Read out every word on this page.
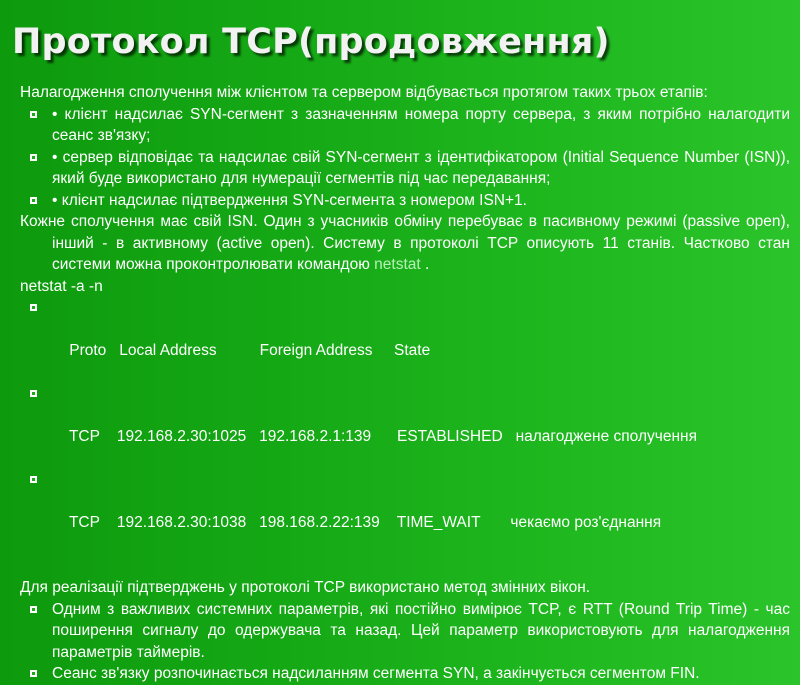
Протокол TCP(продовження)
Налагодження сполучення між клієнтом та сервером відбувається протягом таких трьох етапів:
• клієнт надсилає SYN-сегмент з зазначенням номера порту сервера, з яким потрібно налагодити сеанс зв'язку;
• сервер відповідає та надсилає свій SYN-сегмент з ідентифікатором (Initial Sequence Number (ISN)), який буде використано для нумерації сегментів під час передавання;
• клієнт надсилає підтвердження SYN-сегмента з номером ISN+1.
Кожне сполучення має свій ISN. Один з учасників обміну перебуває в пасивному режимі (passive open), інший - в активному (active open). Систему в протоколі TCP описують 11 станів. Частково стан системи можна проконтролювати командою netstat .
netstat -a -n

Proto   Local Address          Foreign Address     State

TCP    192.168.2.30:1025   192.168.2.1:139      ESTABLISHED   налагоджене сполучення

TCP    192.168.2.30:1038   198.168.2.22:139    TIME_WAIT       чекаємо роз'єднання

Для реалізації підтверджень у протоколі TCP використано метод змінних вікон.
Одним з важливих системних параметрів, які постійно вимірює TCP, є RTT (Round Trip Time) - час поширення сигналу до одержувача та назад. Цей параметр використовують для налагодження параметрів таймерів.
Сеанс зв'язку розпочинається надсиланням сегмента SYN, а закінчується сегментом FIN.
